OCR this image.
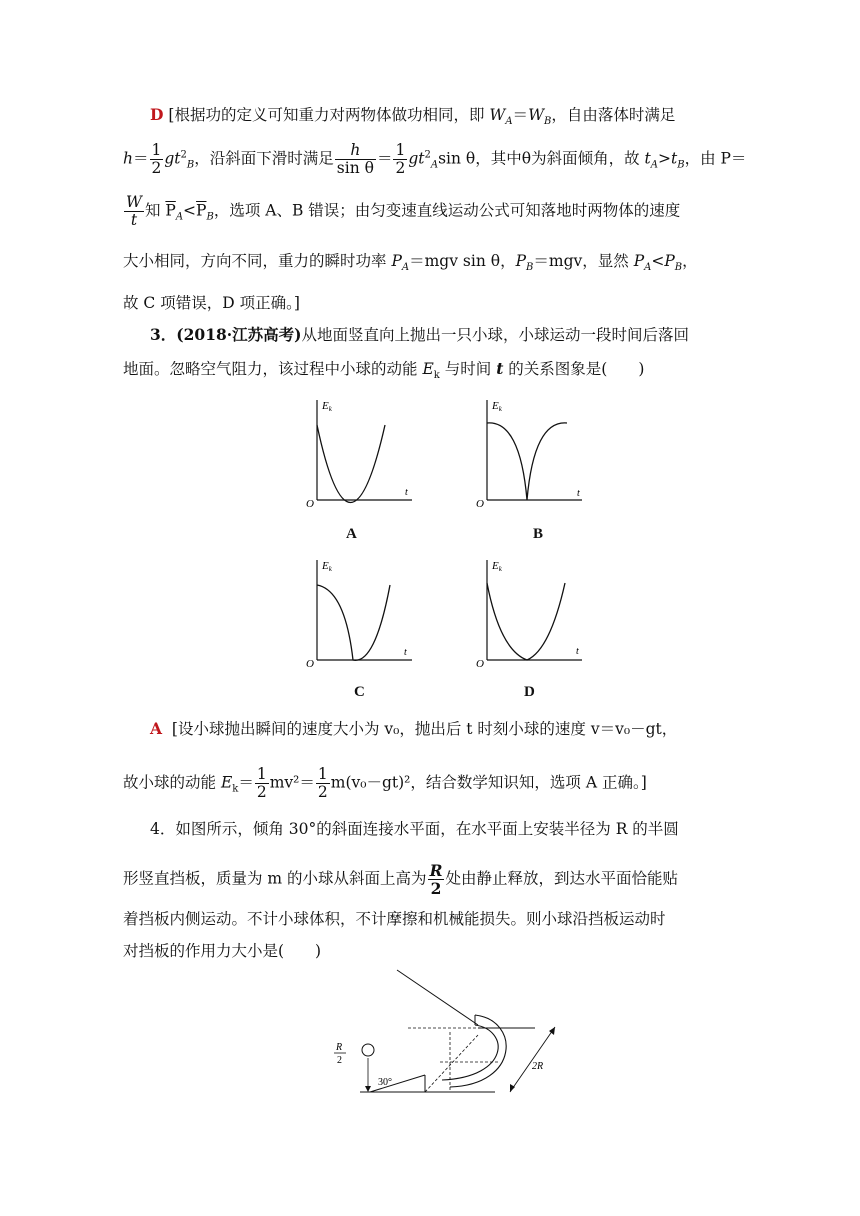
D [根据功的定义可知重力对两物体做功相同，即 $W_A=W_B$，自由落体时满足
$h= \frac{1}{2} gt^2_B$，沿斜面下滑时满足 $\frac{h}{\text{sin θ}} = \frac{1}{2} gt^2_A\sin$ θ，其中θ为斜面倾角，故 $t_A>t_B$，由 P＝
$\frac{W}{t}$ 知 $\overline{P}_A<\overline{P}_B$，选项 A、B 错误；由匀变速直线运动公式可知落地时两物体的速度
大小相同，方向不同，重力的瞬时功率 $P_A=mgv$ sin θ，$P_B=mgv$，显然 $P_A<P_B$，
故 C 项错误，D 项正确。]
3．(2018·江苏高考)从地面竖直向上抛出一只小球，小球运动一段时间后落回
地面。忽略空气阻力，该过程中小球的动能 $E_k$ 与时间 t 的关系图象是(　　)
Ek
O
t
A
Ek
O
t
B
Ek
O
t
C
Ek
O
t
D
A [设小球抛出瞬间的速度大小为 v₀，抛出后 t 时刻小球的速度 v＝v₀－gt，
故小球的动能 $E_k= \frac{1}{2} mv^2= \frac{1}{2} m(v_0-gt)^2$，结合数学知识知，选项 A 正确。]
4．如图所示，倾角 30°的斜面连接水平面，在水平面上安装半径为 R 的半圆
形竖直挡板，质量为 m 的小球从斜面上高为 $\frac{R}{2}$ 处由静止释放，到达水平面恰能贴
着挡板内侧运动。不计小球体积，不计摩擦和机械能损失。则小球沿挡板运动时
对挡板的作用力大小是(　　)
R
2
30°
2R
